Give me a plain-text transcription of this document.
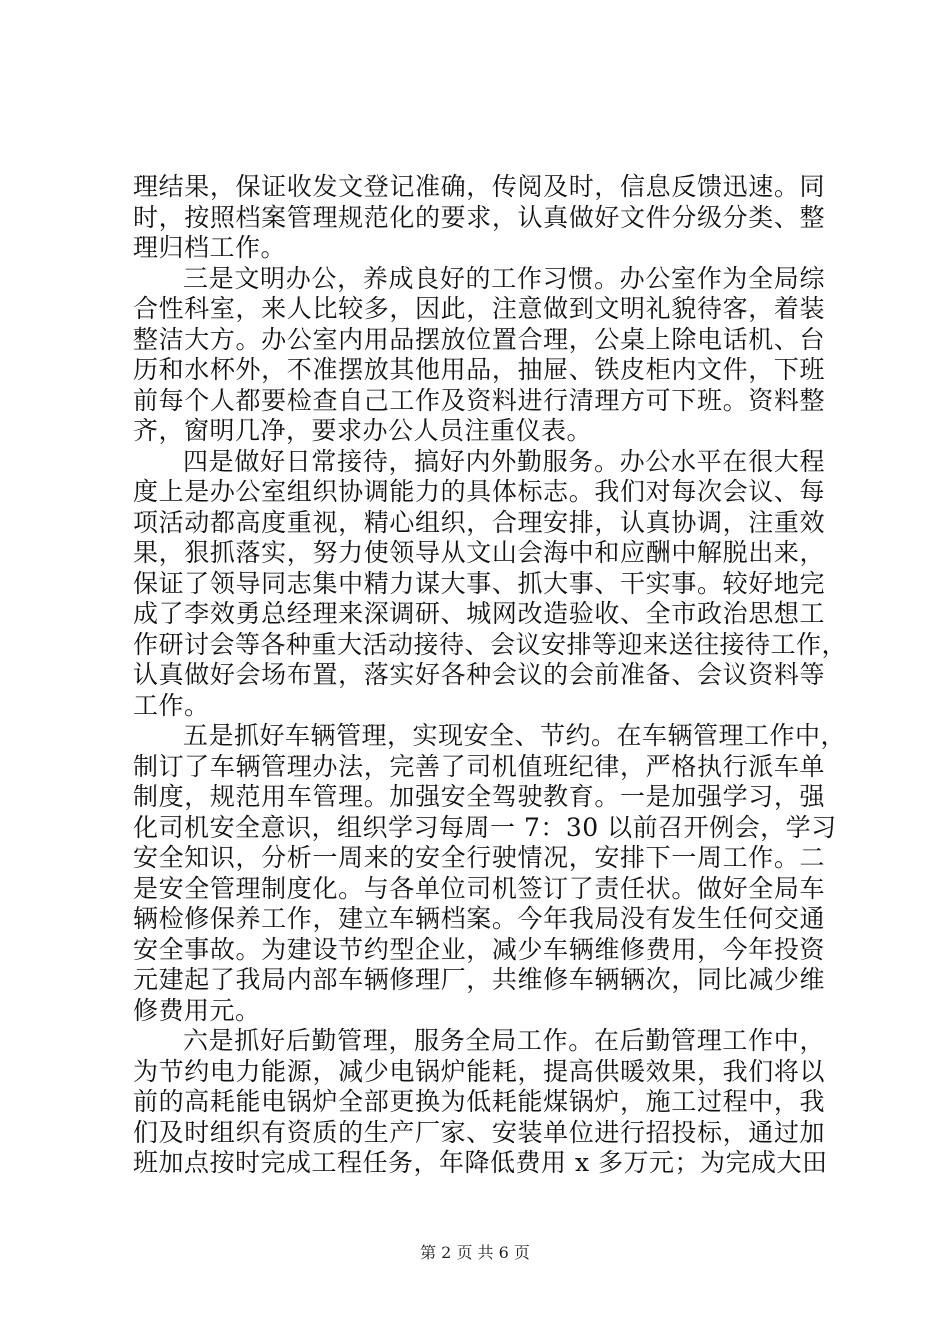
理结果，保证收发文登记准确，传阅及时，信息反馈迅速。同
时，按照档案管理规范化的要求，认真做好文件分级分类、整
理归档工作。
三是文明办公，养成良好的工作习惯。办公室作为全局综
合性科室，来人比较多，因此，注意做到文明礼貌待客，着装
整洁大方。办公室内用品摆放位置合理，公桌上除电话机、台
历和水杯外，不准摆放其他用品，抽屉、铁皮柜内文件，下班
前每个人都要检查自己工作及资料进行清理方可下班。资料整
齐，窗明几净，要求办公人员注重仪表。
四是做好日常接待，搞好内外勤服务。办公水平在很大程
度上是办公室组织协调能力的具体标志。我们对每次会议、每
项活动都高度重视，精心组织，合理安排，认真协调，注重效
果，狠抓落实，努力使领导从文山会海中和应酬中解脱出来，
保证了领导同志集中精力谋大事、抓大事、干实事。较好地完
成了李效勇总经理来深调研、城网改造验收、全市政治思想工
作研讨会等各种重大活动接待、会议安排等迎来送往接待工作，
认真做好会场布置，落实好各种会议的会前准备、会议资料等
工作。
五是抓好车辆管理，实现安全、节约。在车辆管理工作中，
制订了车辆管理办法，完善了司机值班纪律，严格执行派车单
制度，规范用车管理。加强安全驾驶教育。一是加强学习，强
化司机安全意识，组织学习每周一 7：30 以前召开例会，学习
安全知识，分析一周来的安全行驶情况，安排下一周工作。二
是安全管理制度化。与各单位司机签订了责任状。做好全局车
辆检修保养工作，建立车辆档案。今年我局没有发生任何交通
安全事故。为建设节约型企业，减少车辆维修费用，今年投资
元建起了我局内部车辆修理厂，共维修车辆辆次，同比减少维
修费用元。
六是抓好后勤管理，服务全局工作。在后勤管理工作中，
为节约电力能源，减少电锅炉能耗，提高供暖效果，我们将以
前的高耗能电锅炉全部更换为低耗能煤锅炉，施工过程中，我
们及时组织有资质的生产厂家、安装单位进行招投标，通过加
班加点按时完成工程任务，年降低费用 x 多万元；为完成大田
第 2 页 共 6 页
